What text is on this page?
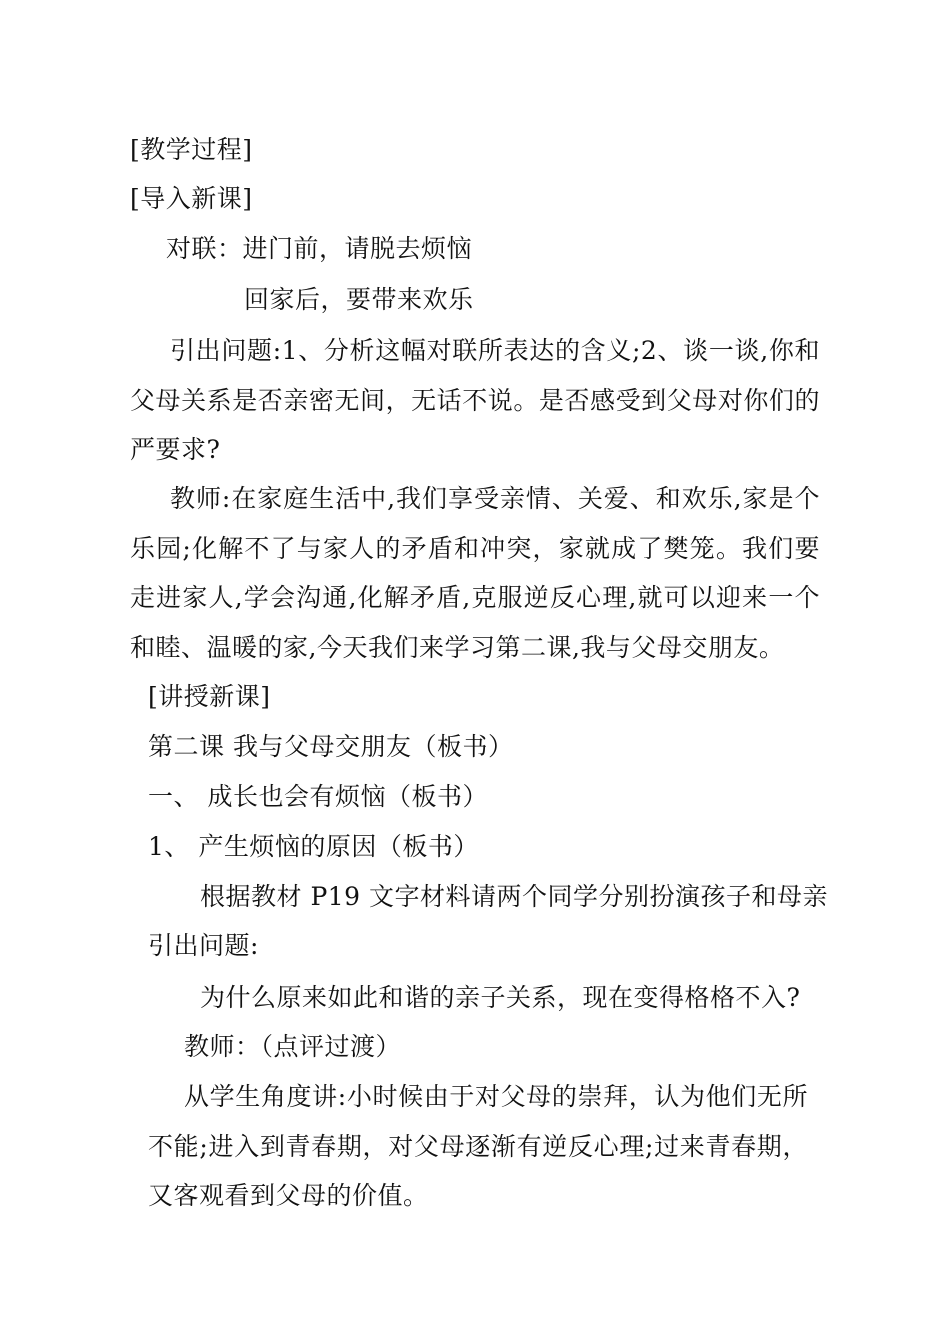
[教学过程]
[导入新课]
对联：进门前，请脱去烦恼
回家后，要带来欢乐
引出问题:1、分析这幅对联所表达的含义;2、谈一谈,你和父母关系是否亲密无间，无话不说。是否感受到父母对你们的严要求?
教师:在家庭生活中,我们享受亲情、关爱、和欢乐,家是个乐园;化解不了与家人的矛盾和冲突，家就成了樊笼。我们要走进家人,学会沟通,化解矛盾,克服逆反心理,就可以迎来一个和睦、温暖的家,今天我们来学习第二课,我与父母交朋友。
[讲授新课]
第二课 我与父母交朋友（板书）
一、 成长也会有烦恼（板书）
1、 产生烦恼的原因（板书）
根据教材 P19 文字材料请两个同学分别扮演孩子和母亲
引出问题:
为什么原来如此和谐的亲子关系，现在变得格格不入?
教师：（点评过渡）
从学生角度讲:小时候由于对父母的崇拜，认为他们无所不能;进入到青春期，对父母逐渐有逆反心理;过来青春期，又客观看到父母的价值。
